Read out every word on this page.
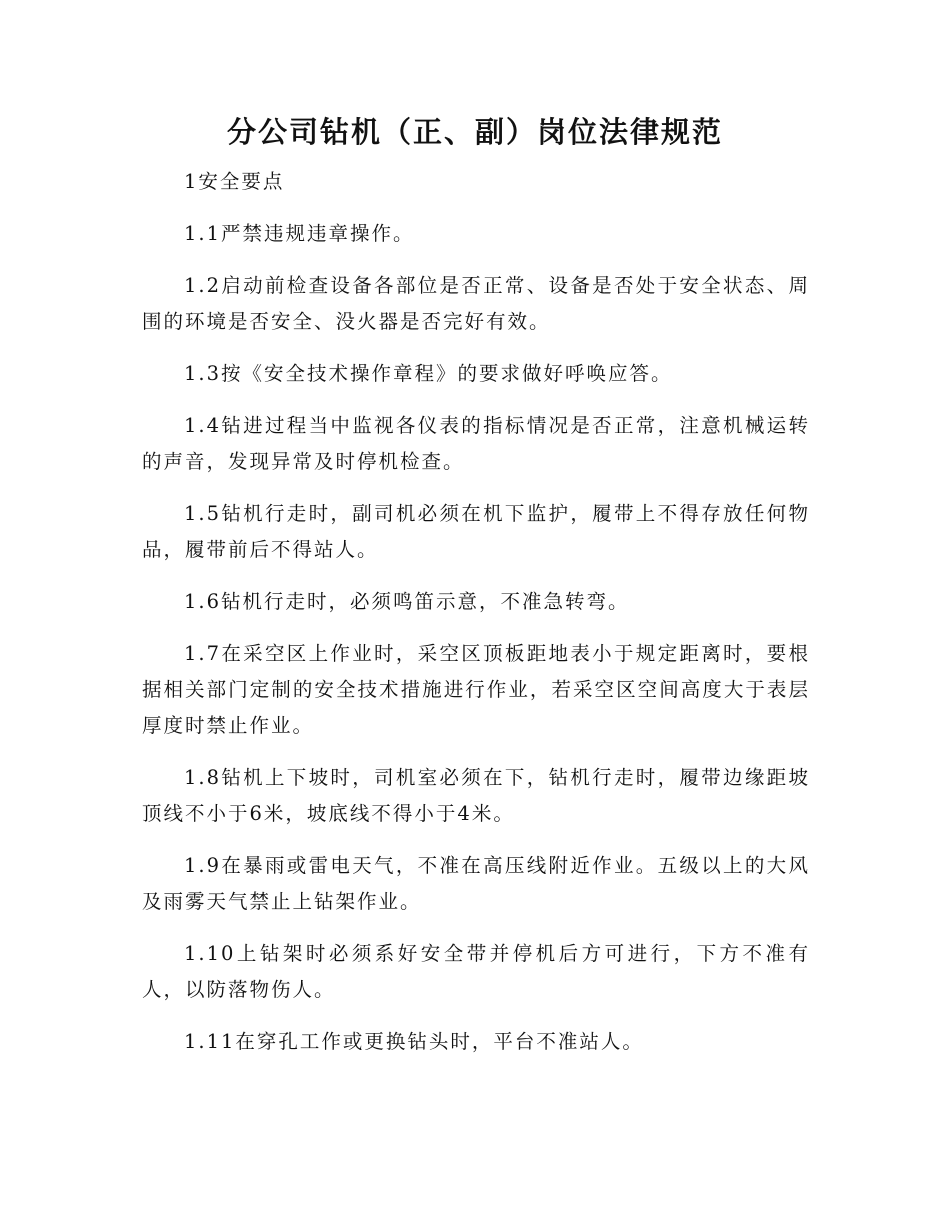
分公司钻机（正、副）岗位法律规范

1安全要点

1.1严禁违规违章操作。

1.2启动前检查设备各部位是否正常、设备是否处于安全状态、周围的环境是否安全、没火器是否完好有效。

1.3按《安全技术操作章程》的要求做好呼唤应答。

1.4钻进过程当中监视各仪表的指标情况是否正常，注意机械运转的声音，发现异常及时停机检查。

1.5钻机行走时，副司机必须在机下监护，履带上不得存放任何物品，履带前后不得站人。

1.6钻机行走时，必须鸣笛示意，不准急转弯。

1.7在采空区上作业时，采空区顶板距地表小于规定距离时，要根据相关部门定制的安全技术措施进行作业，若采空区空间高度大于表层厚度时禁止作业。

1.8钻机上下坡时，司机室必须在下，钻机行走时，履带边缘距坡顶线不小于6米，坡底线不得小于4米。

1.9在暴雨或雷电天气，不准在高压线附近作业。五级以上的大风及雨雾天气禁止上钻架作业。

1.10上钻架时必须系好安全带并停机后方可进行，下方不准有人，以防落物伤人。

1.11在穿孔工作或更换钻头时，平台不准站人。
